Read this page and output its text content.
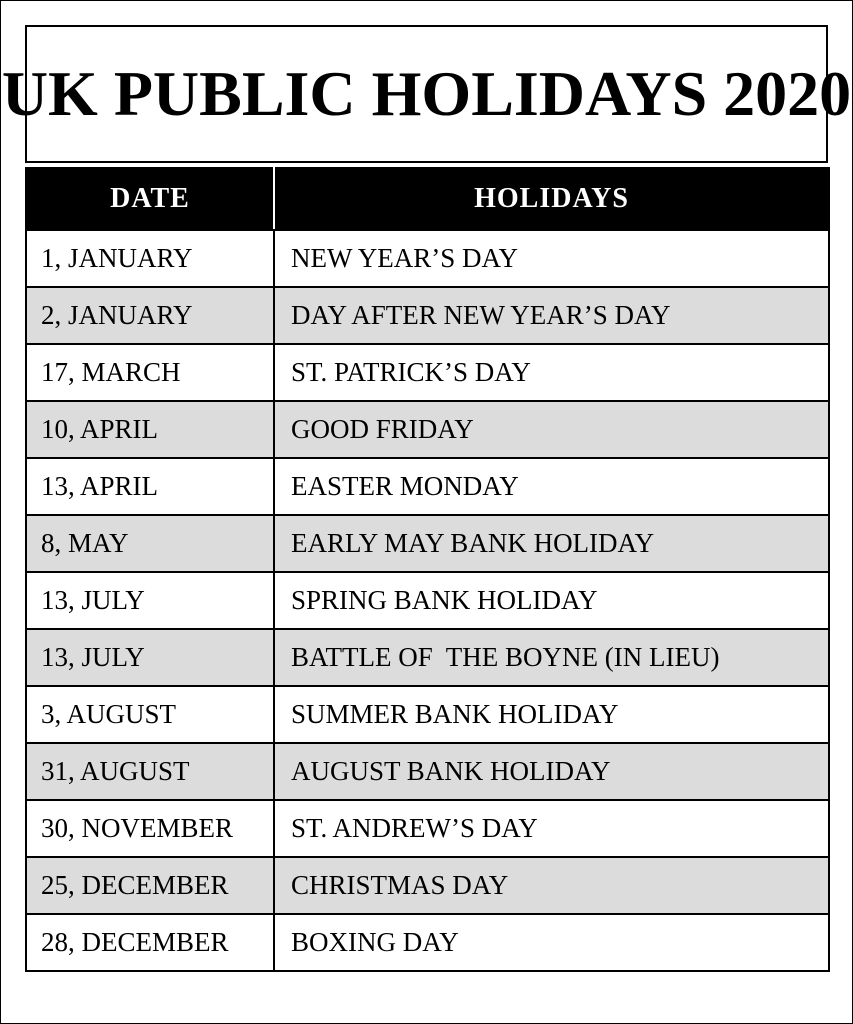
UK PUBLIC HOLIDAYS 2020
DATE	HOLIDAYS
1, JANUARY	NEW YEAR’S DAY
2, JANUARY	DAY AFTER NEW YEAR’S DAY
17, MARCH	ST. PATRICK’S DAY
10, APRIL	GOOD FRIDAY
13, APRIL	EASTER MONDAY
8, MAY	EARLY MAY BANK HOLIDAY
13, JULY	SPRING BANK HOLIDAY
13, JULY	BATTLE OF  THE BOYNE (IN LIEU)
3, AUGUST	SUMMER BANK HOLIDAY
31, AUGUST	AUGUST BANK HOLIDAY
30, NOVEMBER	ST. ANDREW’S DAY
25, DECEMBER	CHRISTMAS DAY
28, DECEMBER	BOXING DAY
